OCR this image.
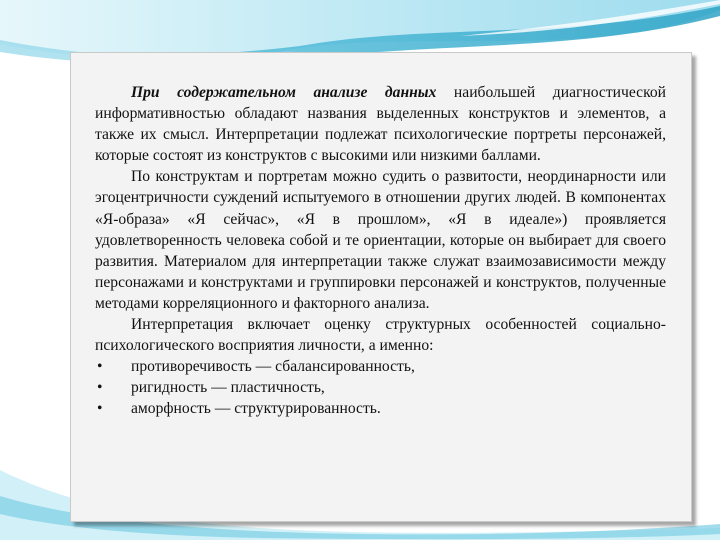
При содержательном анализе данных наибольшей диагностической информативностью обладают названия выделенных конструктов и элементов, а также их смысл. Интерпретации подлежат психологические портреты персонажей, которые состоят из конструктов с высокими или низкими баллами.

По конструктам и портретам можно судить о развитости, неординарности или эгоцентричности суждений испытуемого в отношении других людей. В компонентах «Я-образа» «Я сейчас», «Я в прошлом», «Я в идеале») проявляется удовлетворенность человека собой и те ориентации, которые он выбирает для своего развития. Материалом для интерпретации также служат взаимозависимости между персонажами и конструктами и группировки персонажей и конструктов, полученные методами корреляционного и факторного анализа.

Интерпретация включает оценку структурных особенностей социально-психологического восприятия личности, а именно:

• противоречивость — сбалансированность,
• ригидность — пластичность,
• аморфность — структурированность.
